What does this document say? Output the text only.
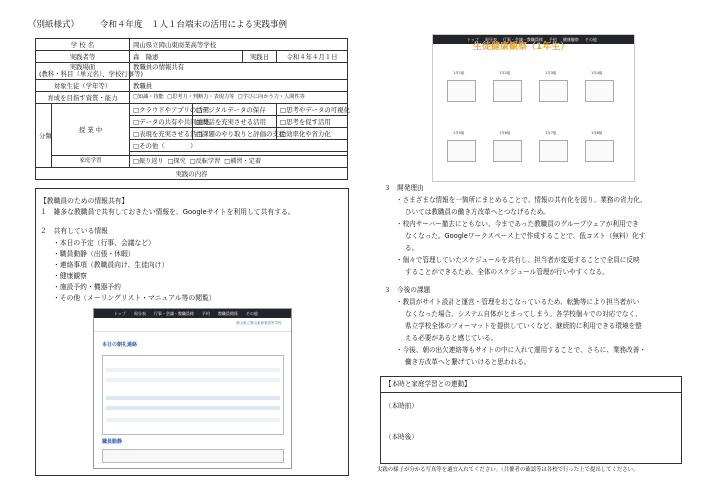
（別紙様式） 令和４年度　１人１台端末の活用による実践事例
学 校 名		岡山県立岡山東商業高等学校			
実践者等		森　隆憲		実践日	令和４年４月１日

実践場面
(教科・科目（単元名）、学校行事等)		教職員の情報共有			
対象生徒（学年等）		教職員			
育成を目指す資質・能力		□ 知識・技能 □ 思考力・判断力・表現力等 □ 学びに向かう力・人間性等
分類	授 業 中	□ クラウドやアプリの活用	□ デジタルデータの保存		□ 思考やデータの可視化
		□ データの共有や共同編集	□ 対話を充実させる活用		□ 思考を促す活用
		□ 表現を充実させる活用	□ 課題のやり取りと評価の支援		□ 効率化や省力化
		□ その他（　　　　）

	家庭学習	□ 振り返り □ 探究 □ 反転学習 □ 補習・定着
実践の内容					
【教職員のための情報共有】
１　雑多な教職員で共有しておきたい情報を、Googleサイトを利用して共有する。
２　共有している情報
・本日の予定（行事、会議など）
・職員動静（出張・休暇）
・連絡事項（教職員向け、生徒向け）
・健康観察
・施設予約・機器予約
・その他（メーリングリスト・マニュアル等の閲覧）
トップ 周分表 行事・会議・教職員様 予約 教職員関係 その他
岡山県立岡山東商業高等学校
本日の朝礼連絡
職員動静
トップ 周分表 行事・会議・教職員様 予約 健康観察 その他
生徒健康観察（1年生）
1年1組	1年2組	1年3組	1年4組
1年5組	1年6組	1年7組	1年8組
３　開発理由
・さまざまな情報を一箇所にまとめることで、情報の共有化を図り、業務の省力化、
ひいては教職員の働き方改革へとつなげるため。
・校内サーバー撤去にともない、今まであった教職員のグループウェアが利用でき
なくなった。Googleワークスペース上で作成することで、低コスト（無料）化す
る。
・個々で管理していたスケジュールを共有し、担当者が変更することで全員に反映
することができるため、全体のスケジュール管理が行いやすくなる。
３　今後の課題
・教員がサイト設計と運営・管理をおこなっているため、転勤等により担当者がい
なくなった場合、システム自体がとまってしまう。各学校個々での対応でなく、
県立学校全体のフォーマットを提供していくなど、継続的に利用できる環境を整
える必要があると感じている。
・今後、朝の出欠連絡等もサイトの中に入れて運用することで、さらに、業務改善・
働き方改革へと繋げていけると思われる。
【本時と家庭学習との連動】
（本時前）
（本時後）
実践の様子が分かる写真等を適宜入れてください。（共催者の確認等は各校で行った上で提出してください。
